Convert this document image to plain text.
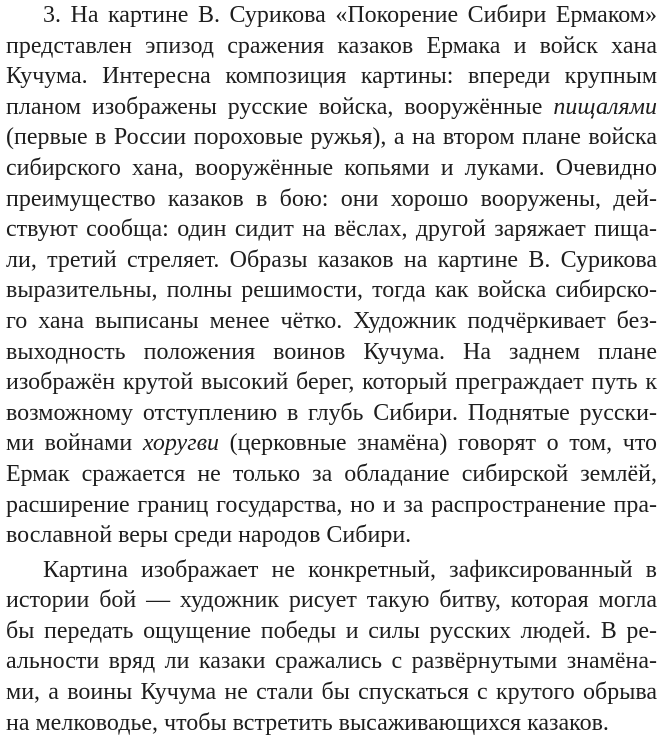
3. На картине В. Сурикова «Покорение Сибири Ермаком»
представлен эпизод сражения казаков Ермака и войск хана
Кучума. Интересна композиция картины: впереди крупным
планом изображены русские войска, вооружённые пищалями
(первые в России пороховые ружья), а на втором плане войска
сибирского хана, вооружённые копьями и луками. Очевидно
преимущество казаков в бою: они хорошо вооружены, дей-
ствуют сообща: один сидит на вёслах, другой заряжает пища-
ли, третий стреляет. Образы казаков на картине В. Сурикова
выразительны, полны решимости, тогда как войска сибирско-
го хана выписаны менее чётко. Художник подчёркивает без-
выходность положения воинов Кучума. На заднем плане
изображён крутой высокий берег, который преграждает путь к
возможному отступлению в глубь Сибири. Поднятые русски-
ми войнами хоругви (церковные знамёна) говорят о том, что
Ермак сражается не только за обладание сибирской землёй,
расширение границ государства, но и за распространение пра-
вославной веры среди народов Сибири.
Картина изображает не конкретный, зафиксированный в
истории бой — художник рисует такую битву, которая могла
бы передать ощущение победы и силы русских людей. В ре-
альности вряд ли казаки сражались с развёрнутыми знамёна-
ми, а воины Кучума не стали бы спускаться с крутого обрыва
на мелководье, чтобы встретить высаживающихся казаков.
